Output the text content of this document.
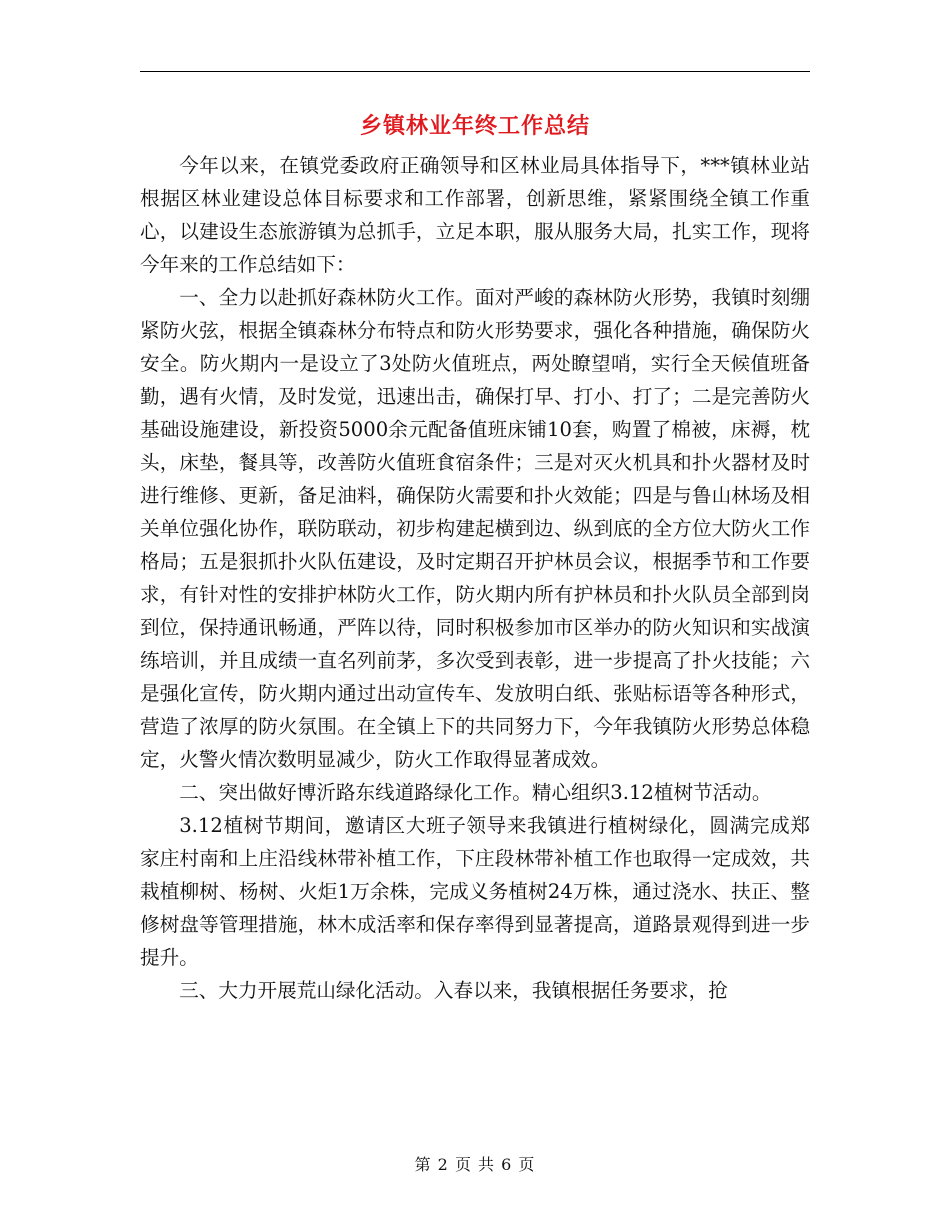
乡镇林业年终工作总结

今年以来，在镇党委政府正确领导和区林业局具体指导下，***镇林业站根据区林业建设总体目标要求和工作部署，创新思维，紧紧围绕全镇工作重心，以建设生态旅游镇为总抓手，立足本职，服从服务大局，扎实工作，现将今年来的工作总结如下：

一、全力以赴抓好森林防火工作。面对严峻的森林防火形势，我镇时刻绷紧防火弦，根据全镇森林分布特点和防火形势要求，强化各种措施，确保防火安全。防火期内一是设立了3处防火值班点，两处瞭望哨，实行全天候值班备勤，遇有火情，及时发觉，迅速出击，确保打早、打小、打了；二是完善防火基础设施建设，新投资5000余元配备值班床铺10套，购置了棉被，床褥，枕头，床垫，餐具等，改善防火值班食宿条件；三是对灭火机具和扑火器材及时进行维修、更新，备足油料，确保防火需要和扑火效能；四是与鲁山林场及相关单位强化协作，联防联动，初步构建起横到边、纵到底的全方位大防火工作格局；五是狠抓扑火队伍建设，及时定期召开护林员会议，根据季节和工作要求，有针对性的安排护林防火工作，防火期内所有护林员和扑火队员全部到岗到位，保持通讯畅通，严阵以待，同时积极参加市区举办的防火知识和实战演练培训，并且成绩一直名列前茅，多次受到表彰，进一步提高了扑火技能；六是强化宣传，防火期内通过出动宣传车、发放明白纸、张贴标语等各种形式，营造了浓厚的防火氛围。在全镇上下的共同努力下，今年我镇防火形势总体稳定，火警火情次数明显减少，防火工作取得显著成效。

二、突出做好博沂路东线道路绿化工作。精心组织3.12植树节活动。

3.12植树节期间，邀请区大班子领导来我镇进行植树绿化，圆满完成郑家庄村南和上庄沿线林带补植工作，下庄段林带补植工作也取得一定成效，共栽植柳树、杨树、火炬1万余株，完成义务植树24万株，通过浇水、扶正、整修树盘等管理措施，林木成活率和保存率得到显著提高，道路景观得到进一步提升。

三、大力开展荒山绿化活动。入春以来，我镇根据任务要求，抢

第 2 页 共 6 页
